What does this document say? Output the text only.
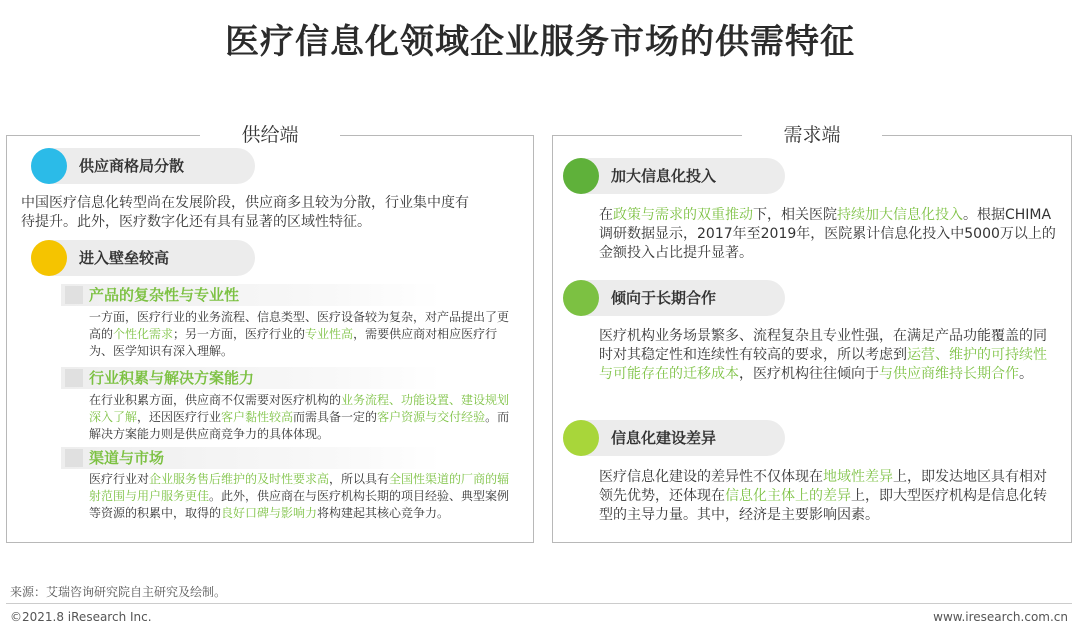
医疗信息化领域企业服务市场的供需特征
供给端
供应商格局分散
中国医疗信息化转型尚在发展阶段，供应商多且较为分散，行业集中度有
待提升。此外，医疗数字化还有具有显著的区域性特征。
进入壁垒较高
产品的复杂性与专业性
一方面，医疗行业的业务流程、信息类型、医疗设备较为复杂，对产品提出了更高的个性化需求；另一方面，医疗行业的专业性高，需要供应商对相应医疗行为、医学知识有深入理解。
行业积累与解决方案能力
在行业积累方面，供应商不仅需要对医疗机构的业务流程、功能设置、建设规划深入了解，还因医疗行业客户黏性较高而需具备一定的客户资源与交付经验。而解决方案能力则是供应商竞争力的具体体现。
渠道与市场
医疗行业对企业服务售后维护的及时性要求高，所以具有全国性渠道的厂商的辐射范围与用户服务更佳。此外，供应商在与医疗机构长期的项目经验、典型案例等资源的积累中，取得的良好口碑与影响力将构建起其核心竞争力。
需求端
加大信息化投入
在政策与需求的双重推动下，相关医院持续加大信息化投入。根据CHIMA调研数据显示，2017年至2019年，医院累计信息化投入中5000万以上的金额投入占比提升显著。
倾向于长期合作
医疗机构业务场景繁多、流程复杂且专业性强，在满足产品功能覆盖的同时对其稳定性和连续性有较高的要求，所以考虑到运营、维护的可持续性与可能存在的迁移成本，医疗机构往往倾向于与供应商维持长期合作。
信息化建设差异
医疗信息化建设的差异性不仅体现在地域性差异上，即发达地区具有相对领先优势，还体现在信息化主体上的差异上，即大型医疗机构是信息化转型的主导力量。其中，经济是主要影响因素。
来源：艾瑞咨询研究院自主研究及绘制。
©2021.8 iResearch Inc.	www.iresearch.com.cn
